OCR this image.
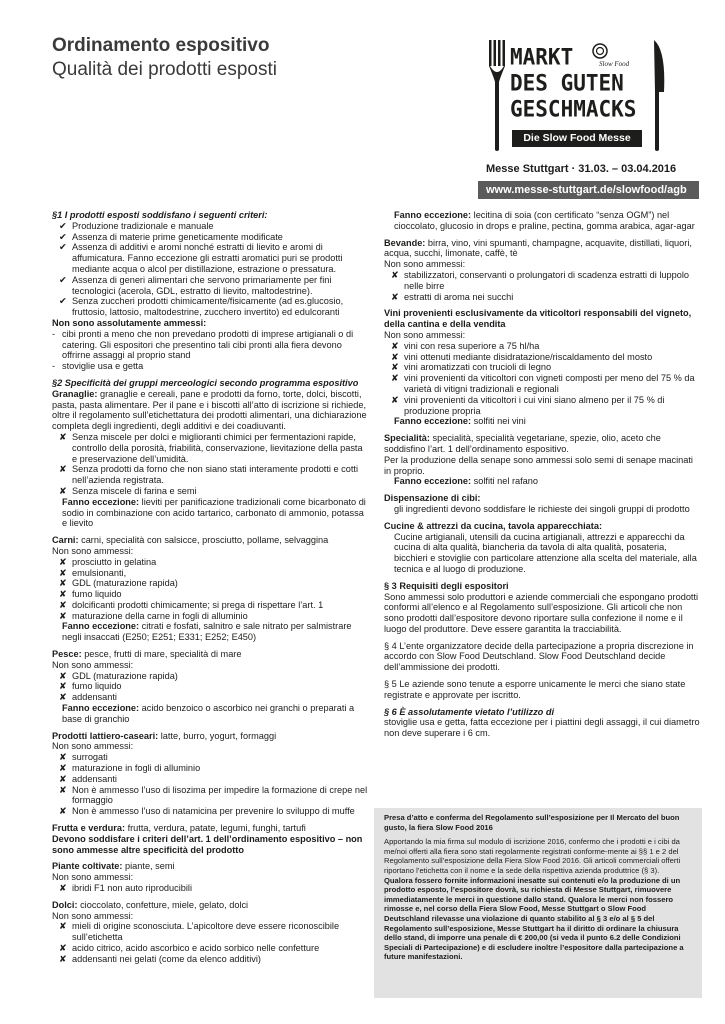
Ordinamento espositivo
Qualità dei prodotti esposti	MARKT
DES GUTEN
GESCHMACKS
Slow Food
Die Slow Food Messe
Messe Stuttgart · 31.03. – 03.04.2016
www.messe-stuttgart.de/slowfood/agb

§1 I prodotti esposti soddisfano i seguenti criteri:

✔ Produzione tradizionale e manuale
✔ Assenza di materie prime geneticamente modificate
✔ Assenza di additivi e aromi nonché estratti di lievito e aromi di affumicatura. Fanno eccezione gli estratti aromatici puri se prodotti mediante acqua o alcol per distillazione, estrazione o pressatura.
✔ Assenza di generi alimentari che servono primariamente per fini tecnologici (acerola, GDL, estratto di lievito, maltodestrine).
✔ Senza zuccheri prodotti chimicamente/fisicamente (ad es.glucosio, fruttosio, lattosio, maltodestrine, zucchero invertito) ed edulcoranti

Non sono assolutamente ammessi:

- cibi pronti a meno che non prevedano prodotti di imprese artigianali o di catering. Gli espositori che presentino tali cibi pronti alla fiera devono offrirne assaggi al proprio stand
- stoviglie usa e getta

§2 Specificità dei gruppi merceologici secondo programma espositivo

Granaglie: granaglie e cereali, pane e prodotti da forno, torte, dolci, biscotti, pasta, pasta alimentare. Per il pane e i biscotti all’atto di iscrizione si richiede, oltre il regolamento sull’etichettatura dei prodotti alimentari, una dichiarazione completa degli ingredienti, degli additivi e dei coadiuvanti.

✘ Senza miscele per dolci e miglioranti chimici per fermentazioni rapide, controllo della porosità, friabilità, conservazione, lievitazione della pasta e preservazione dell’umidità.
✘ Senza prodotti da forno che non siano stati interamente prodotti e cotti nell’azienda registrata.
✘ Senza miscele di farina e semi

Fanno eccezione: lieviti per panificazione tradizionali come bicarbonato di sodio in combinazione con acido tartarico, carbonato di ammonio, potassa e lievito

Carni: carni, specialità con salsicce, prosciutto, pollame, selvaggina

Non sono ammessi:

✘ prosciutto in gelatina
✘ emulsionanti,
✘ GDL (maturazione rapida)
✘ fumo liquido
✘ dolcificanti prodotti chimicamente; si prega di rispettare l’art. 1
✘ maturazione della carne in fogli di alluminio

Fanno eccezione: citrati e fosfati, salnitro e sale nitrato per salmistrare negli insaccati (E250; E251; E331; E252; E450)

Pesce: pesce, frutti di mare, specialità di mare

Non sono ammessi:

✘ GDL (maturazione rapida)
✘ fumo liquido
✘ addensanti

Fanno eccezione: acido benzoico o ascorbico nei granchi o preparati a base di granchio

Prodotti lattiero-caseari: latte, burro, yogurt, formaggi

Non sono ammessi:

✘ surrogati
✘ maturazione in fogli di alluminio
✘ addensanti
✘ Non è ammesso l’uso di lisozima per impedire la formazione di crepe nel formaggio
✘ Non è ammesso l’uso di natamicina per prevenire lo sviluppo di muffe

Frutta e verdura: frutta, verdura, patate, legumi, funghi, tartufi

Devono soddisfare i criteri dell’art. 1 dell’ordinamento espositivo – non sono ammesse altre specificità del prodotto

Piante coltivate: piante, semi

Non sono ammessi:

✘ ibridi F1 non auto riproducibili

Dolci: cioccolato, confetture, miele, gelato, dolci

Non sono ammessi:

✘ mieli di origine sconosciuta. L’apicoltore deve essere riconoscibile sull’etichetta
✘ acido citrico, acido ascorbico e acido sorbico nelle confetture
✘ addensanti nei gelati (come da elenco additivi)

Fanno eccezione: lecitina di soia (con certificato “senza OGM”) nel cioccolato, glucosio in drops e praline, pectina, gomma arabica, agar-agar

Bevande: birra, vino, vini spumanti, champagne, acquavite, distillati, liquori, acqua, succhi, limonate, caffè, tè

Non sono ammessi:

✘ stabilizzatori, conservanti o prolungatori di scadenza estratti di luppolo nelle birre
✘ estratti di aroma nei succhi

Vini provenienti esclusivamente da viticoltori responsabili del vigneto, della cantina e della vendita

Non sono ammessi:

✘ vini con resa superiore a 75 hl/ha
✘ vini ottenuti mediante disidratazione/riscaldamento del mosto
✘ vini aromatizzati con trucioli di legno
✘ vini provenienti da viticoltori con vigneti composti per meno del 75 % da varietà di vitigni tradizionali e regionali
✘ vini provenienti da viticoltori i cui vini siano almeno per il 75 % di produzione propria

Fanno eccezione: solfiti nei vini

Specialità: specialità, specialità vegetariane, spezie, olio, aceto che soddisfino l’art. 1 dell’ordinamento espositivo.

Per la produzione della senape sono ammessi solo semi di senape macinati in proprio.

Fanno eccezione: solfiti nel rafano

Dispensazione di cibi:

gli ingredienti devono soddisfare le richieste dei singoli gruppi di prodotto

Cucine & attrezzi da cucina, tavola apparecchiata:

Cucine artigianali, utensili da cucina artigianali, attrezzi e apparecchi da cucina di alta qualità, biancheria da tavola di alta qualità, posateria, bicchieri e stoviglie con particolare attenzione alla scelta del materiale, alla tecnica e al luogo di produzione.

§ 3 Requisiti degli espositori

Sono ammessi solo produttori e aziende commerciali che espongano prodotti conformi all’elenco e al Regolamento sull’esposizione. Gli articoli che non sono prodotti dall’espositore devono riportare sulla confezione il nome e il luogo del produttore. Deve essere garantita la tracciabilità.

§ 4 L’ente organizzatore decide della partecipazione a propria discrezione in accordo con Slow Food Deutschland. Slow Food Deutschland decide dell’ammissione dei prodotti.

§ 5 Le aziende sono tenute a esporre unicamente le merci che siano state registrate e approvate per iscritto.

§ 6 È assolutamente vietato l’utilizzo di

stoviglie usa e getta, fatta eccezione per i piattini degli assaggi, il cui diametro non deve superare i 6 cm.

Presa d’atto e conferma del Regolamento sull’esposizione per Il Mercato del buon gusto, la fiera Slow Food 2016
Apportando la mia firma sul modulo di iscrizione 2016, confermo che i prodotti e i cibi da me/noi offerti alla fiera sono stati regolarmente registrati conforme-mente ai §§ 1 e 2 del Regolamento sull’esposizione della Fiera Slow Food 2016. Gli articoli commerciali offerti riportano l’etichetta con il nome e la sede della rispettiva azienda produttrice (§ 3).
Qualora fossero fornite informazioni inesatte sui contenuti e/o la produzione di un prodotto esposto, l’espositore dovrà, su richiesta di Messe Stuttgart, rimuovere immediatamente le merci in questione dallo stand. Qualora le merci non fossero rimosse e, nel corso della Fiera Slow Food, Messe Stuttgart o Slow Food Deutschland rilevasse una violazione di quanto stabilito al § 3 e/o al § 5 del Regolamento sull’esposizione, Messe Stuttgart ha il diritto di ordinare la chiusura dello stand, di imporre una penale di € 200,00 (si veda il punto 6.2 delle Condizioni Speciali di Partecipazione) e di escludere inoltre l’espositore dalla partecipazione a future manifestazioni.
